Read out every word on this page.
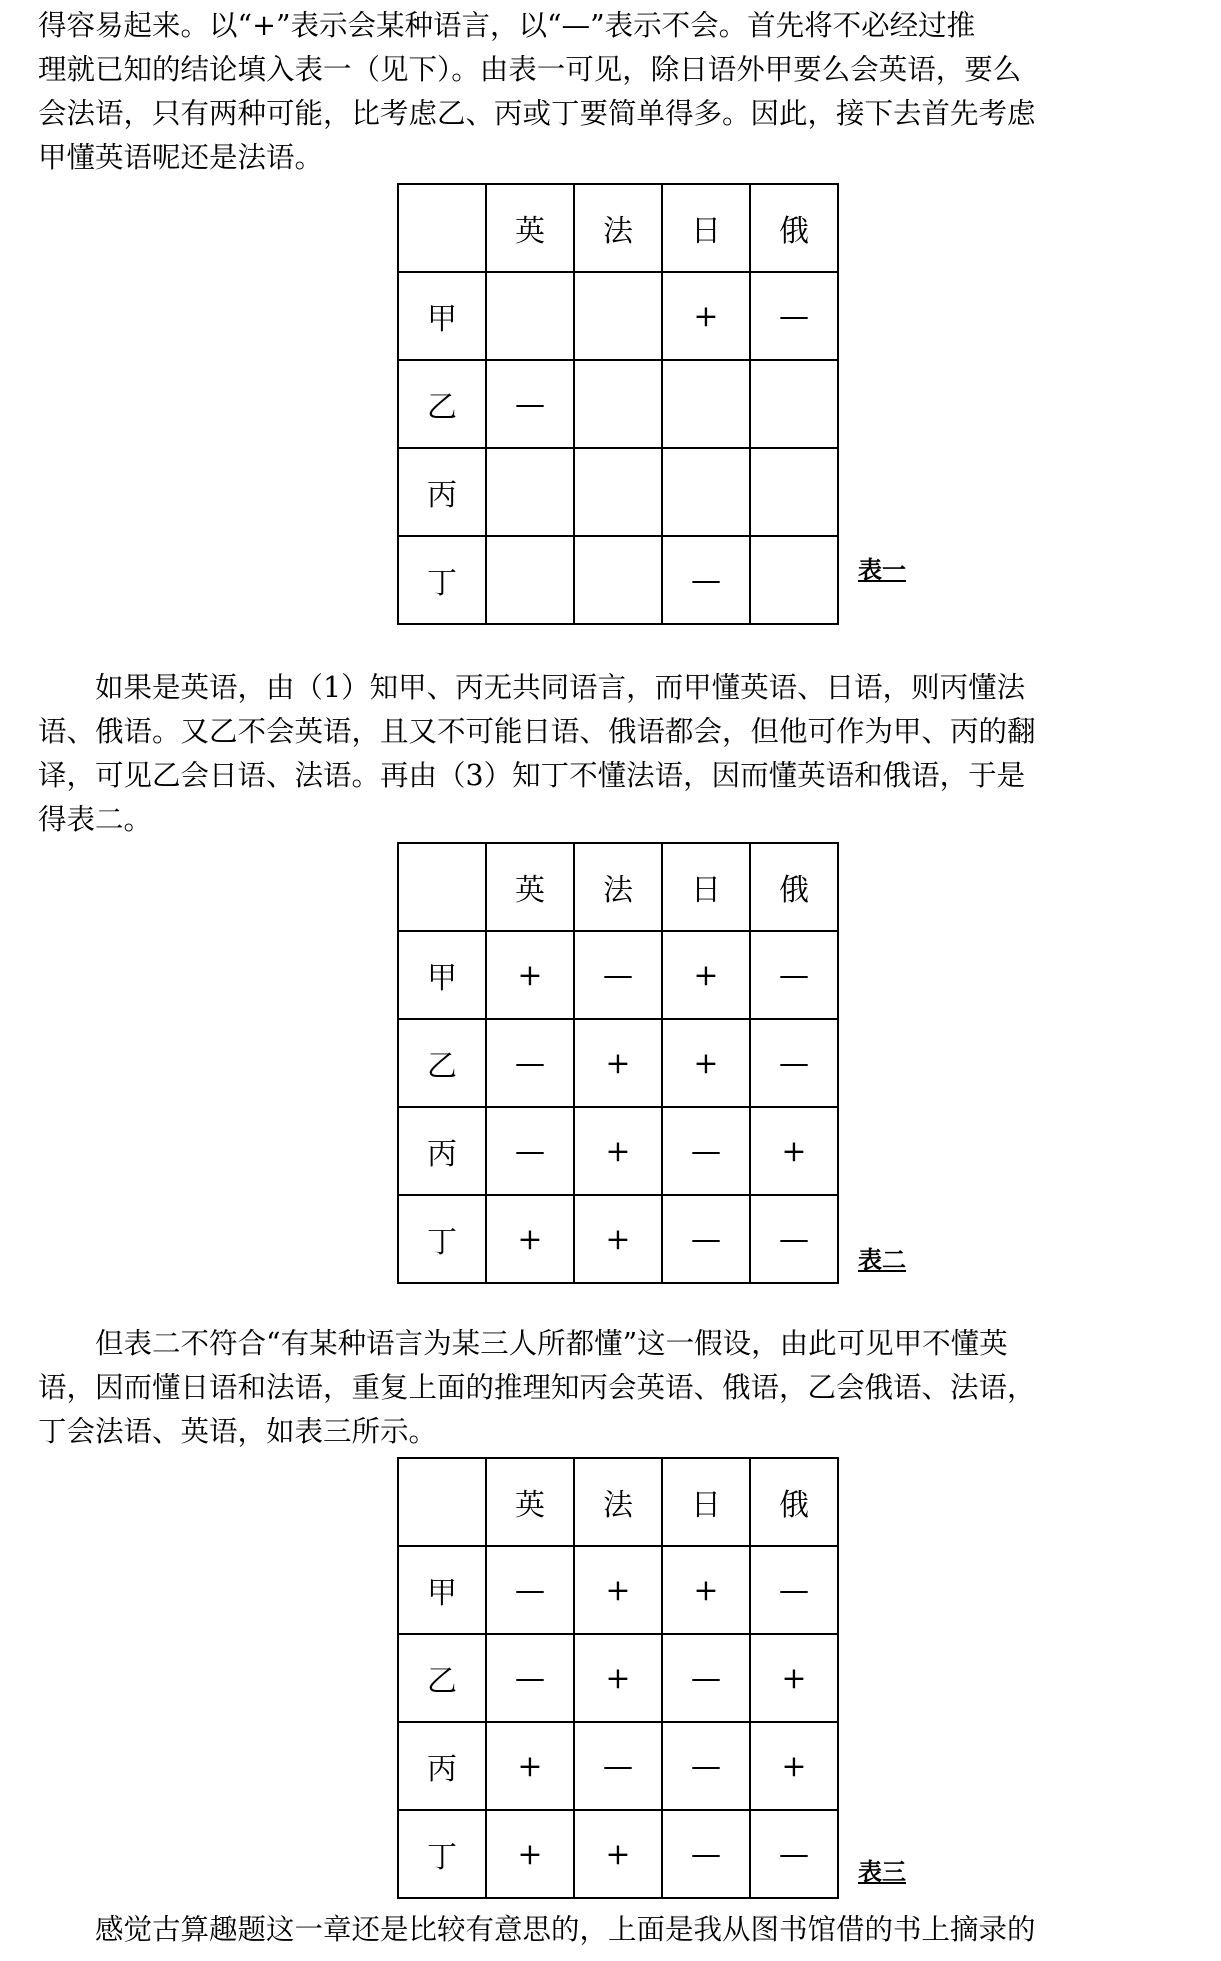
得容易起来。以“+”表示会某种语言，以“—”表示不会。首先将不必经过推
理就已知的结论填入表一（见下）。由表一可见，除日语外甲要么会英语，要么
会法语，只有两种可能，比考虑乙、丙或丁要简单得多。因此，接下去首先考虑
甲懂英语呢还是法语。

	英	法	日	俄
甲			+	—
乙	—			
丙				
丁			—		表一

如果是英语，由（1）知甲、丙无共同语言，而甲懂英语、日语，则丙懂法
语、俄语。又乙不会英语，且又不可能日语、俄语都会，但他可作为甲、丙的翻
译，可见乙会日语、法语。再由（3）知丁不懂法语，因而懂英语和俄语，于是
得表二。

	英	法	日	俄
甲	+	—	+	—
乙	—	+	+	—
丙	—	+	—	+
丁	+	+	—	—
表二

但表二不符合“有某种语言为某三人所都懂”这一假设，由此可见甲不懂英
语，因而懂日语和法语，重复上面的推理知丙会英语、俄语，乙会俄语、法语，
丁会法语、英语，如表三所示。

	英	法	日	俄
甲	—	+	+	—
乙	—	+	—	+
丙	+	—	—	+
丁	+	+	—	—
表三

感觉古算趣题这一章还是比较有意思的，上面是我从图书馆借的书上摘录的
